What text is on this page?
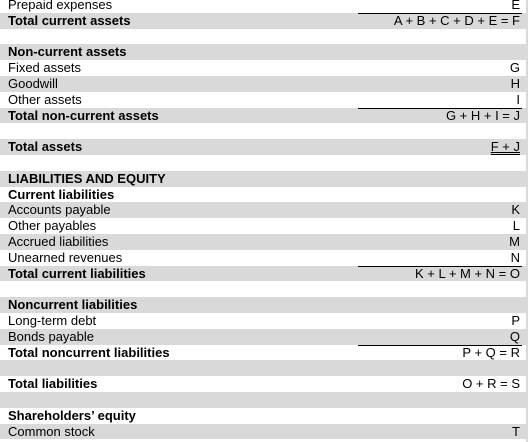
Prepaid expenses	E
Total current assets	A + B + C + D + E = F
Non-current assets
Fixed assets	G
Goodwill	H
Other assets	I
Total non-current assets	G + H + I = J
Total assets	F + J
LIABILITIES AND EQUITY
Current liabilities
Accounts payable	K
Other payables	L
Accrued liabilities	M
Unearned revenues	N
Total current liabilities	K + L + M + N = O
Noncurrent liabilities
Long-term debt	P
Bonds payable	Q
Total noncurrent liabilities	P + Q = R
Total liabilities	O + R = S
Shareholders’ equity
Common stock	T
